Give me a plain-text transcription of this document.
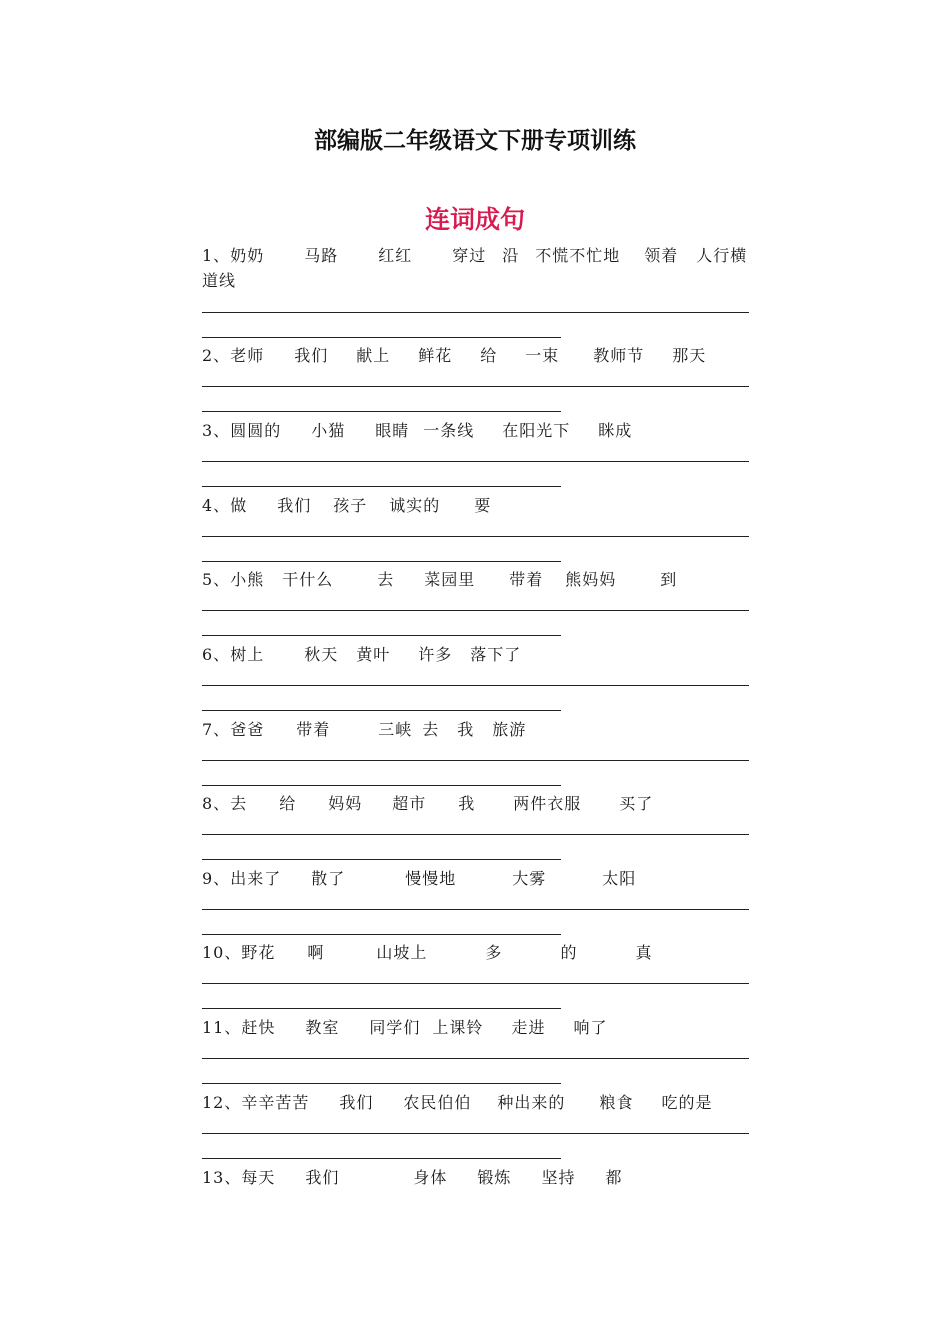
部编版二年级语文下册专项训练
连词成句
1、奶奶	马路	红红	穿过 沿 不慌不忙地 领着 人行横道线
2、老师 我们 献上 鲜花 给 一束 教师节 那天
3、圆圆的 小猫 眼睛 一条线 在阳光下 眯成
4、做 我们 孩子 诚实的 要
5、小熊 干什么	去 菜园里 带着 熊妈妈	到
6、树上	秋天 黄叶 许多 落下了
7、爸爸 带着	三峡 去 我 旅游
8、去 给 妈妈 超市 我 两件衣服 买了
9、出来了 散了	慢慢地	大雾	太阳
10、野花 啊	山坡上	多	的	真
11、赶快 教室 同学们 上课铃 走进 响了
12、辛辛苦苦 我们 农民伯伯 种出来的 粮食 吃的是
13、每天 我们	身体 锻炼 坚持 都
